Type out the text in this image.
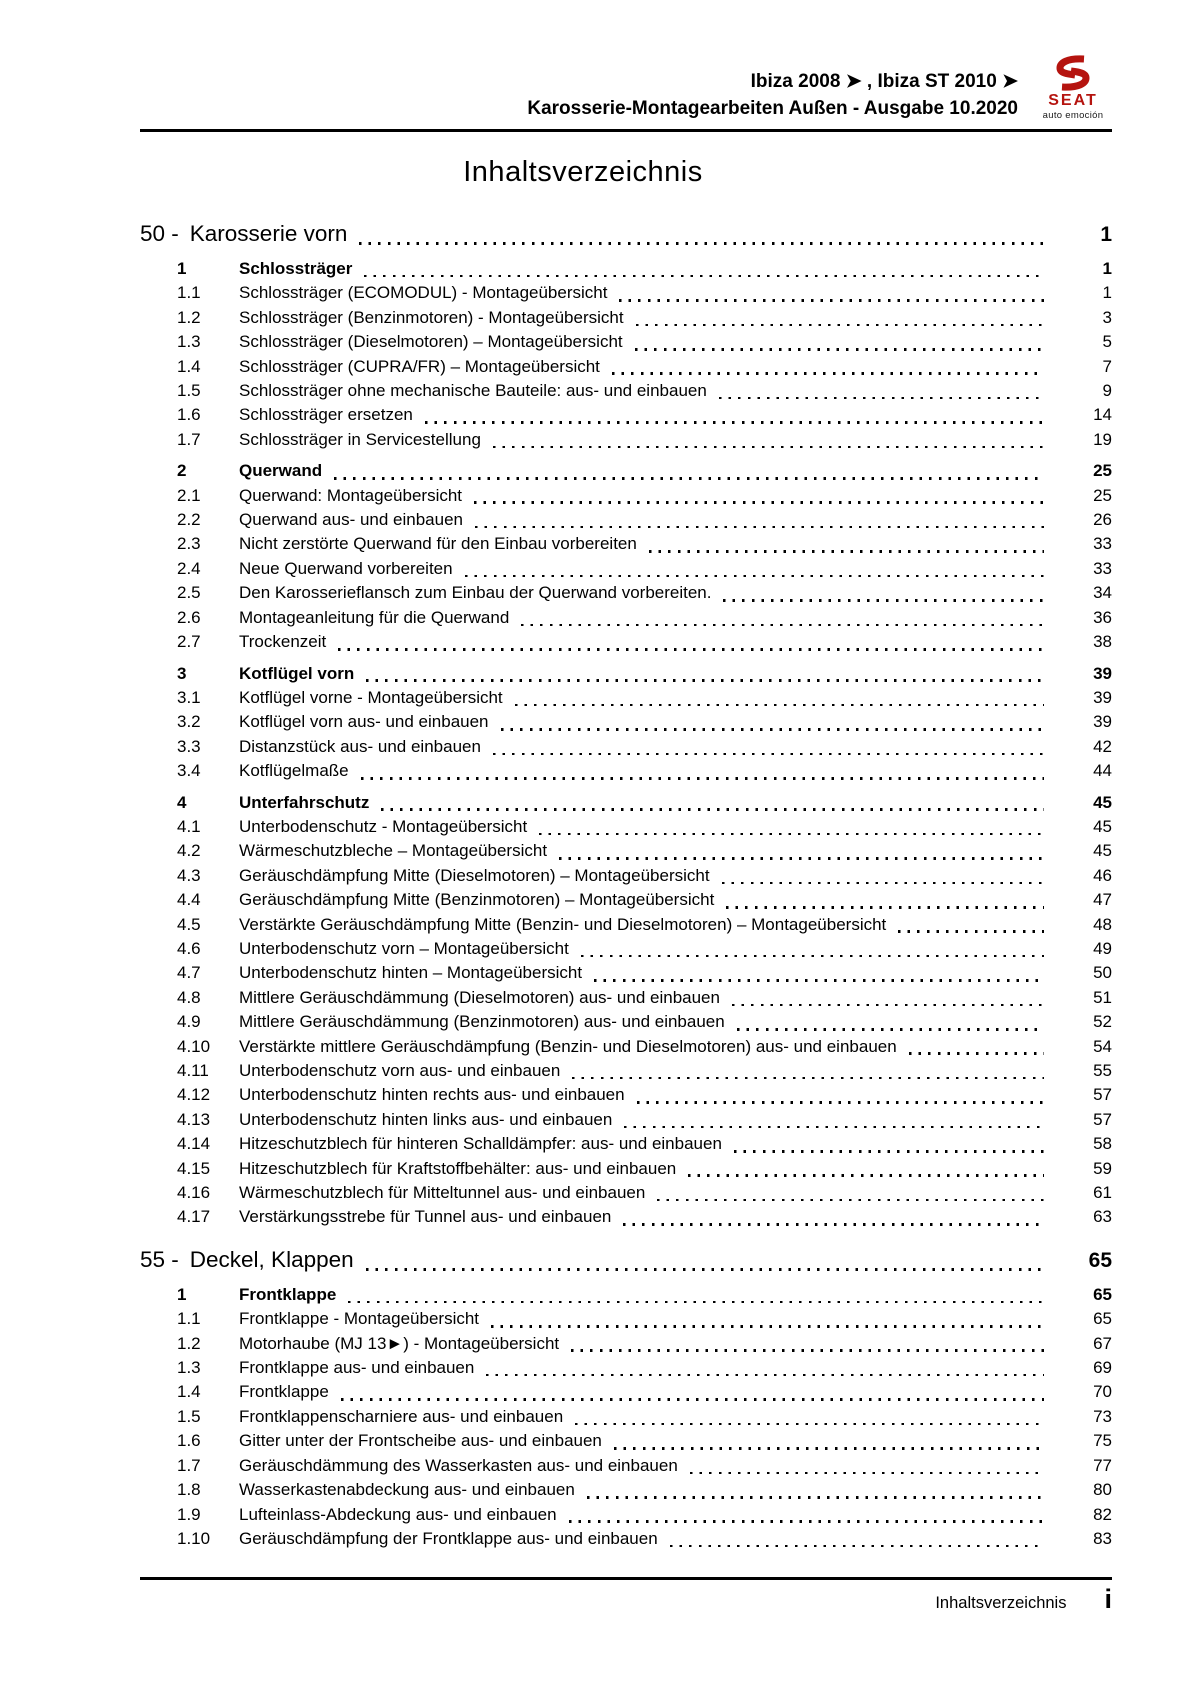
Ibiza 2008 ➤ , Ibiza ST 2010 ➤
Karosserie-Montagearbeiten Außen - Ausgabe 10.2020	SEAT
auto emoción
Inhaltsverzeichnis
50 - Karosserie vorn	1
1	Schlossträger	1
1.1	Schlossträger (ECOMODUL) - Montageübersicht	1
1.2	Schlossträger (Benzinmotoren) - Montageübersicht	3
1.3	Schlossträger (Dieselmotoren) – Montageübersicht	5
1.4	Schlossträger (CUPRA/FR) – Montageübersicht	7
1.5	Schlossträger ohne mechanische Bauteile: aus- und einbauen	9
1.6	Schlossträger ersetzen	14
1.7	Schlossträger in Servicestellung	19
2	Querwand	25
2.1	Querwand: Montageübersicht	25
2.2	Querwand aus- und einbauen	26
2.3	Nicht zerstörte Querwand für den Einbau vorbereiten	33
2.4	Neue Querwand vorbereiten	33
2.5	Den Karosserieflansch zum Einbau der Querwand vorbereiten.	34
2.6	Montageanleitung für die Querwand	36
2.7	Trockenzeit	38
3	Kotflügel vorn	39
3.1	Kotflügel vorne - Montageübersicht	39
3.2	Kotflügel vorn aus- und einbauen	39
3.3	Distanzstück aus- und einbauen	42
3.4	Kotflügelmaße	44
4	Unterfahrschutz	45
4.1	Unterbodenschutz - Montageübersicht	45
4.2	Wärmeschutzbleche – Montageübersicht	45
4.3	Geräuschdämpfung Mitte (Dieselmotoren) – Montageübersicht	46
4.4	Geräuschdämpfung Mitte (Benzinmotoren) – Montageübersicht	47
4.5	Verstärkte Geräuschdämpfung Mitte (Benzin- und Dieselmotoren) – Montageübersicht	48
4.6	Unterbodenschutz vorn – Montageübersicht	49
4.7	Unterbodenschutz hinten – Montageübersicht	50
4.8	Mittlere Geräuschdämmung (Dieselmotoren) aus- und einbauen	51
4.9	Mittlere Geräuschdämmung (Benzinmotoren) aus- und einbauen	52
4.10	Verstärkte mittlere Geräuschdämpfung (Benzin- und Dieselmotoren) aus- und einbauen	54
4.11	Unterbodenschutz vorn aus- und einbauen	55
4.12	Unterbodenschutz hinten rechts aus- und einbauen	57
4.13	Unterbodenschutz hinten links aus- und einbauen	57
4.14	Hitzeschutzblech für hinteren Schalldämpfer: aus- und einbauen	58
4.15	Hitzeschutzblech für Kraftstoffbehälter: aus- und einbauen	59
4.16	Wärmeschutzblech für Mitteltunnel aus- und einbauen	61
4.17	Verstärkungsstrebe für Tunnel aus- und einbauen	63
55 - Deckel, Klappen	65
1	Frontklappe	65
1.1	Frontklappe - Montageübersicht	65
1.2	Motorhaube (MJ 13►) - Montageübersicht	67
1.3	Frontklappe aus- und einbauen	69
1.4	Frontklappe	70
1.5	Frontklappenscharniere aus- und einbauen	73
1.6	Gitter unter der Frontscheibe aus- und einbauen	75
1.7	Geräuschdämmung des Wasserkasten aus- und einbauen	77
1.8	Wasserkastenabdeckung aus- und einbauen	80
1.9	Lufteinlass-Abdeckung aus- und einbauen	82
1.10	Geräuschdämpfung der Frontklappe aus- und einbauen	83
Inhaltsverzeichnis i
